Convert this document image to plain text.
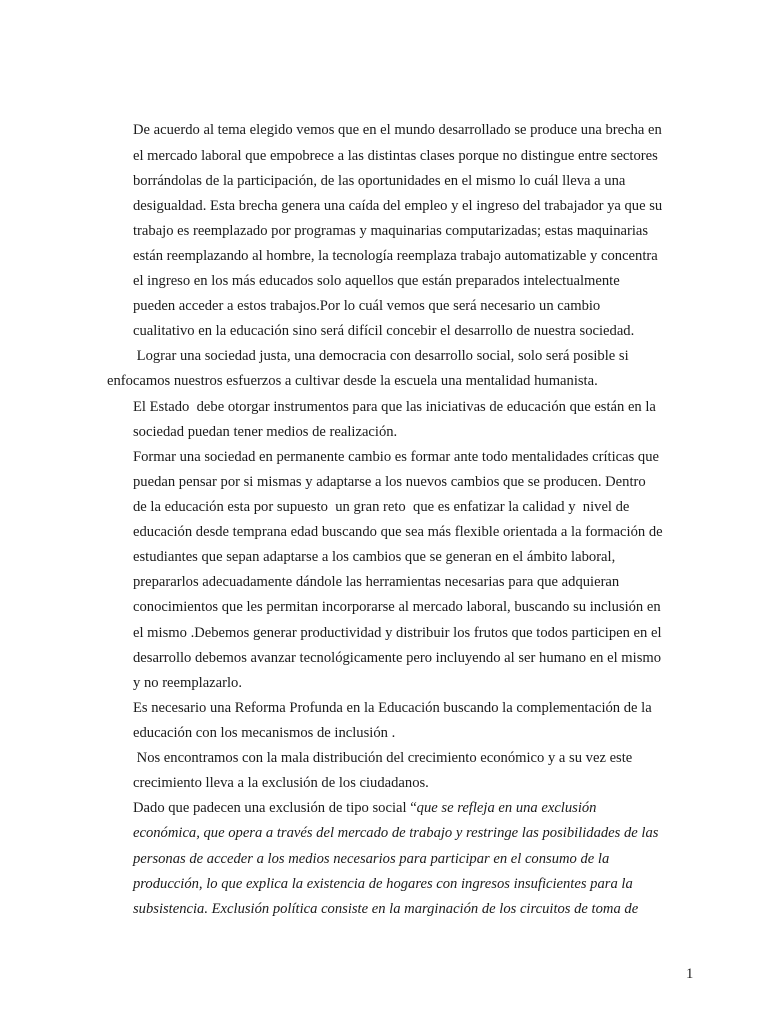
De acuerdo al tema elegido vemos que en el mundo desarrollado se produce una brecha en
el mercado laboral que empobrece a las distintas clases porque no distingue entre sectores
borrándolas de la participación, de las oportunidades en el mismo lo cuál lleva a una
desigualdad. Esta brecha genera una caída del empleo y el ingreso del trabajador ya que su
trabajo es reemplazado por programas y maquinarias computarizadas; estas maquinarias
están reemplazando al hombre, la tecnología reemplaza trabajo automatizable y concentra
el ingreso en los más educados solo aquellos que están preparados intelectualmente
pueden acceder a estos trabajos.Por lo cuál vemos que será necesario un cambio
cualitativo en la educación sino será difícil concebir el desarrollo de nuestra sociedad.
Lograr una sociedad justa, una democracia con desarrollo social, solo será posible si
enfocamos nuestros esfuerzos a cultivar desde la escuela una mentalidad humanista.
El Estado  debe otorgar instrumentos para que las iniciativas de educación que están en la
sociedad puedan tener medios de realización.
Formar una sociedad en permanente cambio es formar ante todo mentalidades críticas que
puedan pensar por si mismas y adaptarse a los nuevos cambios que se producen. Dentro
de la educación esta por supuesto  un gran reto  que es enfatizar la calidad y  nivel de
educación desde temprana edad buscando que sea más flexible orientada a la formación de
estudiantes que sepan adaptarse a los cambios que se generan en el ámbito laboral,
prepararlos adecuadamente dándole las herramientas necesarias para que adquieran
conocimientos que les permitan incorporarse al mercado laboral, buscando su inclusión en
el mismo .Debemos generar productividad y distribuir los frutos que todos participen en el
desarrollo debemos avanzar tecnológicamente pero incluyendo al ser humano en el mismo
y no reemplazarlo.
Es necesario una Reforma Profunda en la Educación buscando la complementación de la
educación con los mecanismos de inclusión .
Nos encontramos con la mala distribución del crecimiento económico y a su vez este
crecimiento lleva a la exclusión de los ciudadanos.
Dado que padecen una exclusión de tipo social “que se refleja en una exclusión
económica, que opera a través del mercado de trabajo y restringe las posibilidades de las
personas de acceder a los medios necesarios para participar en el consumo de la
producción, lo que explica la existencia de hogares con ingresos insuficientes para la
subsistencia. Exclusión política consiste en la marginación de los circuitos de toma de
1
